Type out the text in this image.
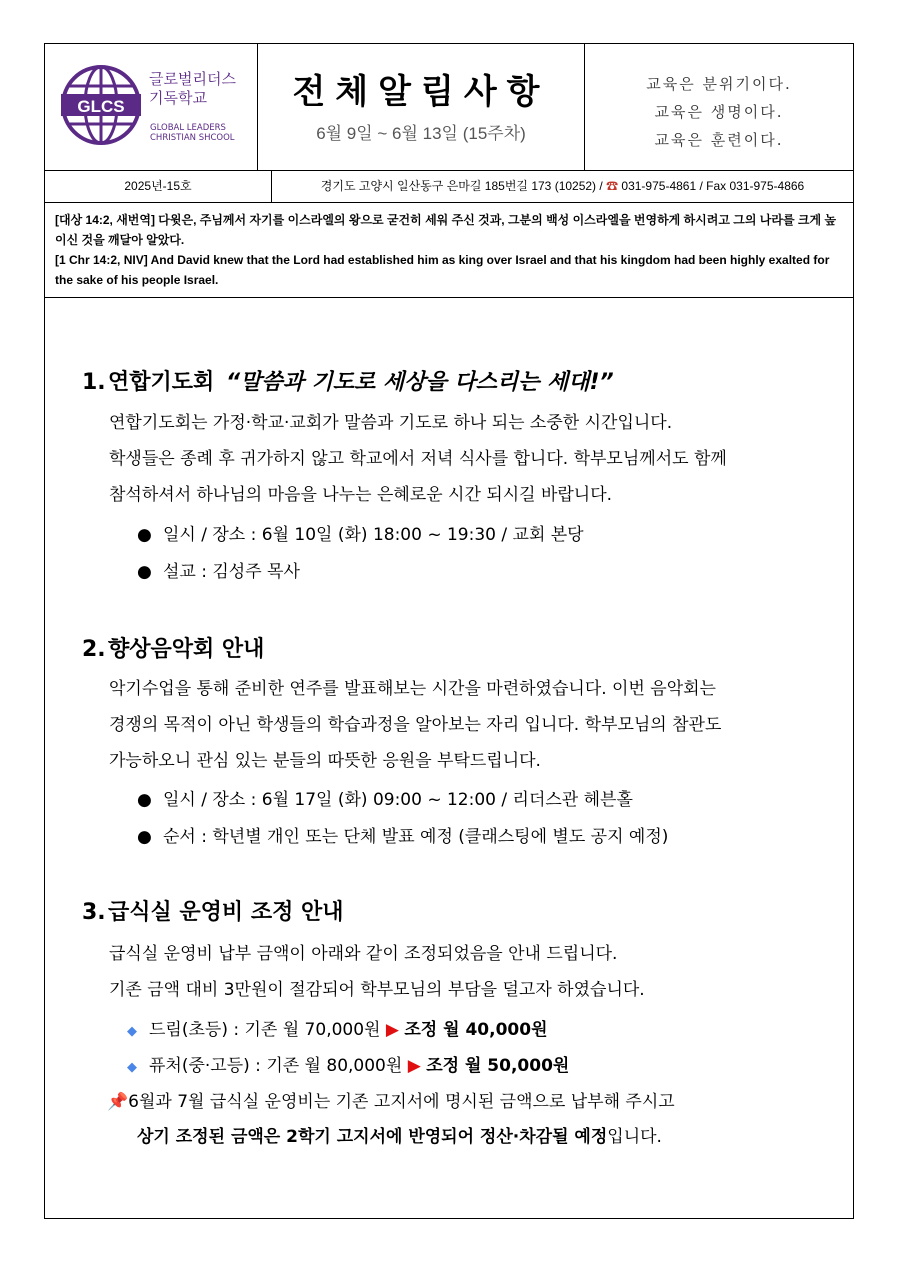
GLCS
글로벌리더스
기독학교
GLOBAL LEADERS
CHRISTIAN SHCOOL
전체알림사항
6월 9일 ~ 6월 13일 (15주차)
교육은 분위기이다.
교육은 생명이다.
교육은 훈련이다.
2025년-15호	경기도 고양시 일산동구 은마길 185번길 173 (10252) / ☎ 031-975-4861 / Fax 031-975-4866
[대상 14:2, 새번역] 다윗은, 주님께서 자기를 이스라엘의 왕으로 굳건히 세워 주신 것과, 그분의 백성 이스라엘을 번영하게 하시려고 그의 나라를 크게 높이신 것을 깨달아 알았다.
[1 Chr 14:2, NIV] And David knew that the Lord had established him as king over Israel and that his kingdom had been highly exalted for the sake of his people Israel.
1. 연합기도회 “말씀과 기도로 세상을 다스리는 세대!”
연합기도회는 가정·학교·교회가 말씀과 기도로 하나 되는 소중한 시간입니다.
학생들은 종례 후 귀가하지 않고 학교에서 저녁 식사를 합니다. 학부모님께서도 함께
참석하셔서 하나님의 마음을 나누는 은혜로운 시간 되시길 바랍니다.
● 일시 / 장소 : 6월 10일 (화) 18:00 ~ 19:30 / 교회 본당
● 설교 : 김성주 목사
2. 향상음악회 안내
악기수업을 통해 준비한 연주를 발표해보는 시간을 마련하였습니다. 이번 음악회는
경쟁의 목적이 아닌 학생들의 학습과정을 알아보는 자리 입니다. 학부모님의 참관도
가능하오니 관심 있는 분들의 따뜻한 응원을 부탁드립니다.
● 일시 / 장소 : 6월 17일 (화) 09:00 ~ 12:00 / 리더스관 헤븐홀
● 순서 : 학년별 개인 또는 단체 발표 예정 (클래스팅에 별도 공지 예정)
3. 급식실 운영비 조정 안내
급식실 운영비 납부 금액이 아래와 같이 조정되었음을 안내 드립니다.
기존 금액 대비 3만원이 절감되어 학부모님의 부담을 덜고자 하였습니다.
◆ 드림(초등) : 기존 월 70,000원 ▶ 조정 월 40,000원
◆ 퓨처(중·고등) : 기존 월 80,000원 ▶ 조정 월 50,000원
📌6월과 7월 급식실 운영비는 기존 고지서에 명시된 금액으로 납부해 주시고
상기 조정된 금액은 2학기 고지서에 반영되어 정산·차감될 예정입니다.
